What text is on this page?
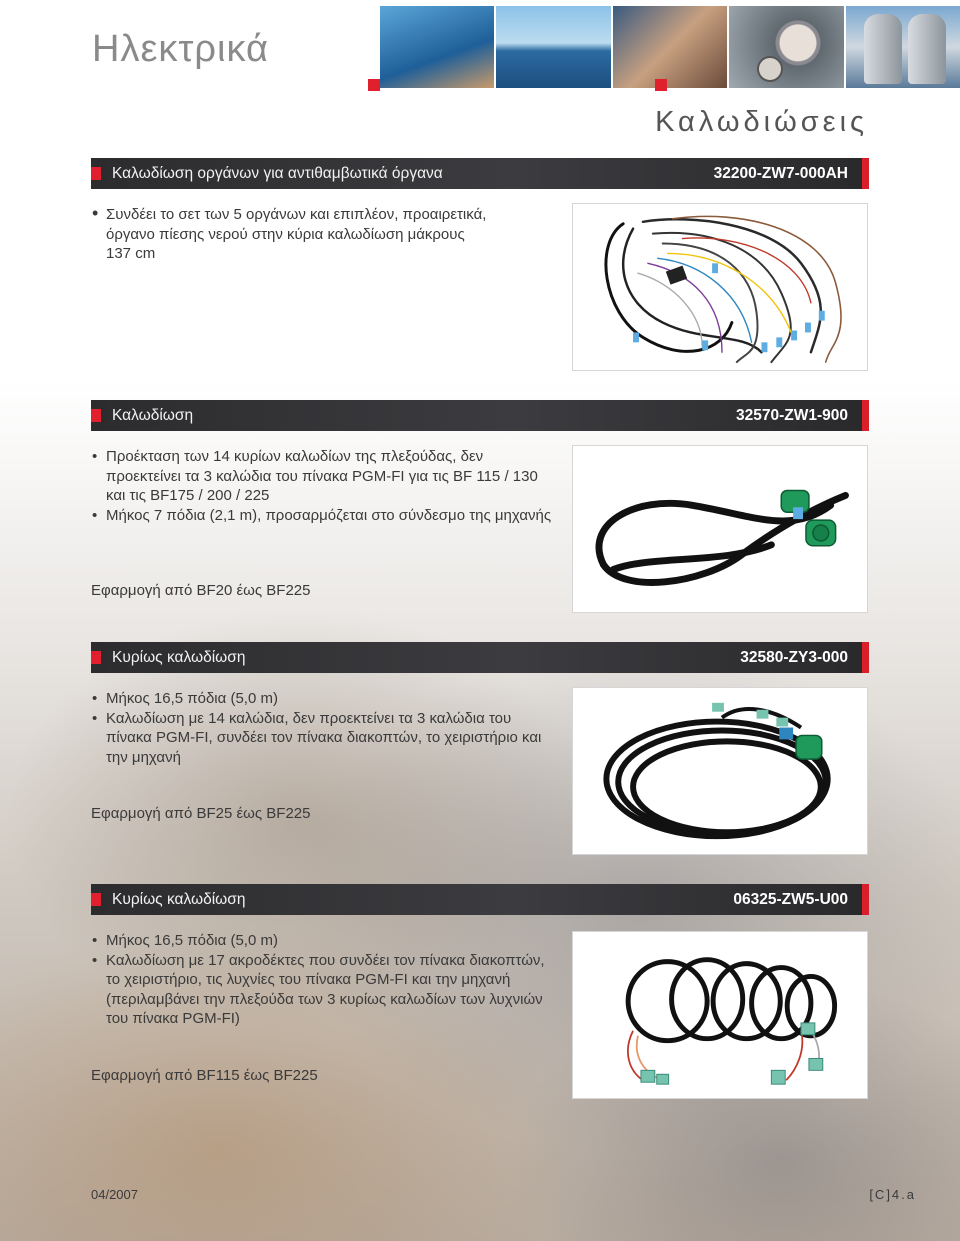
Ηλεκτρικά
Καλωδιώσεις
Καλωδίωση οργάνων για αντιθαμβωτικά όργανα	32200-ZW7-000AH
• Συνδέει το σετ των 5 οργάνων και επιπλέον, προαιρετικά, όργανο πίεσης νερού στην κύρια καλωδίωση μάκρους 137 cm
Καλωδίωση	32570-ZW1-900
• Προέκταση των 14 κυρίων καλωδίων της πλεξούδας, δεν προεκτείνει τα 3 καλώδια του πίνακα PGM-FI για τις BF 115 / 130 και τις BF175 / 200 / 225
• Μήκος 7 πόδια (2,1 m), προσαρμόζεται στο σύνδεσμο της μηχανής
Εφαρμογή από BF20 έως BF225
Κυρίως καλωδίωση	32580-ZY3-000
• Μήκος 16,5 πόδια (5,0 m)
• Καλωδίωση με 14 καλώδια, δεν προεκτείνει τα 3 καλώδια του πίνακα PGM-FI, συνδέει τον πίνακα διακοπτών, το χειριστήριο και την μηχανή
Εφαρμογή από BF25 έως BF225
Κυρίως καλωδίωση	06325-ZW5-U00
• Μήκος 16,5 πόδια (5,0 m)
• Καλωδίωση με 17 ακροδέκτες που συνδέει τον πίνακα διακοπτών, το χειριστήριο, τις λυχνίες του πίνακα PGM-FI και την μηχανή (περιλαμβάνει την πλεξούδα των 3 κυρίως καλωδίων των λυχνιών του πίνακα PGM-FI)
Εφαρμογή από BF115 έως BF225
04/2007	[C]4.a
